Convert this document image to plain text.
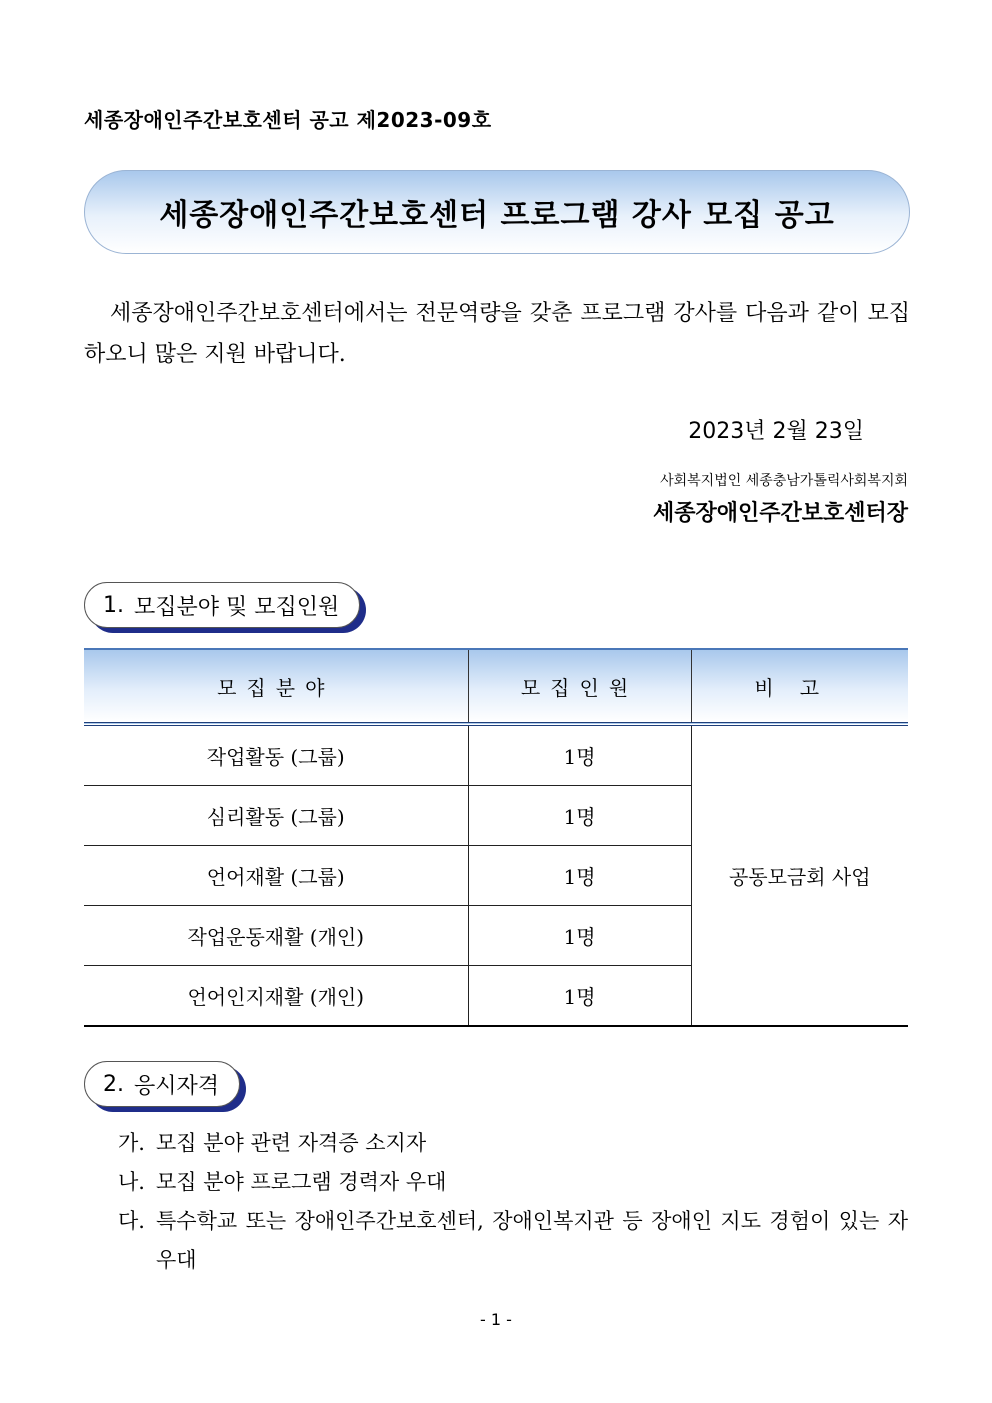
세종장애인주간보호센터 공고 제2023-09호
세종장애인주간보호센터 프로그램 강사 모집 공고
세종장애인주간보호센터에서는 전문역량을 갖춘 프로그램 강사를 다음과 같이 모집하오니 많은 지원 바랍니다.
2023년 2월 23일
사회복지법인 세종충남가톨릭사회복지회
세종장애인주간보호센터장
1. 모집분야 및 모집인원
모집분야	모집인원	비고
작업활동 (그룹)	1명	공동모금회 사업
심리활동 (그룹)	1명	
언어재활 (그룹)	1명	
작업운동재활 (개인)	1명	
언어인지재활 (개인)	1명	
2. 응시자격
가. 모집 분야 관련 자격증 소지자
나. 모집 분야 프로그램 경력자 우대
다. 특수학교 또는 장애인주간보호센터, 장애인복지관 등 장애인 지도 경험이 있는 자 우대
- 1 -
